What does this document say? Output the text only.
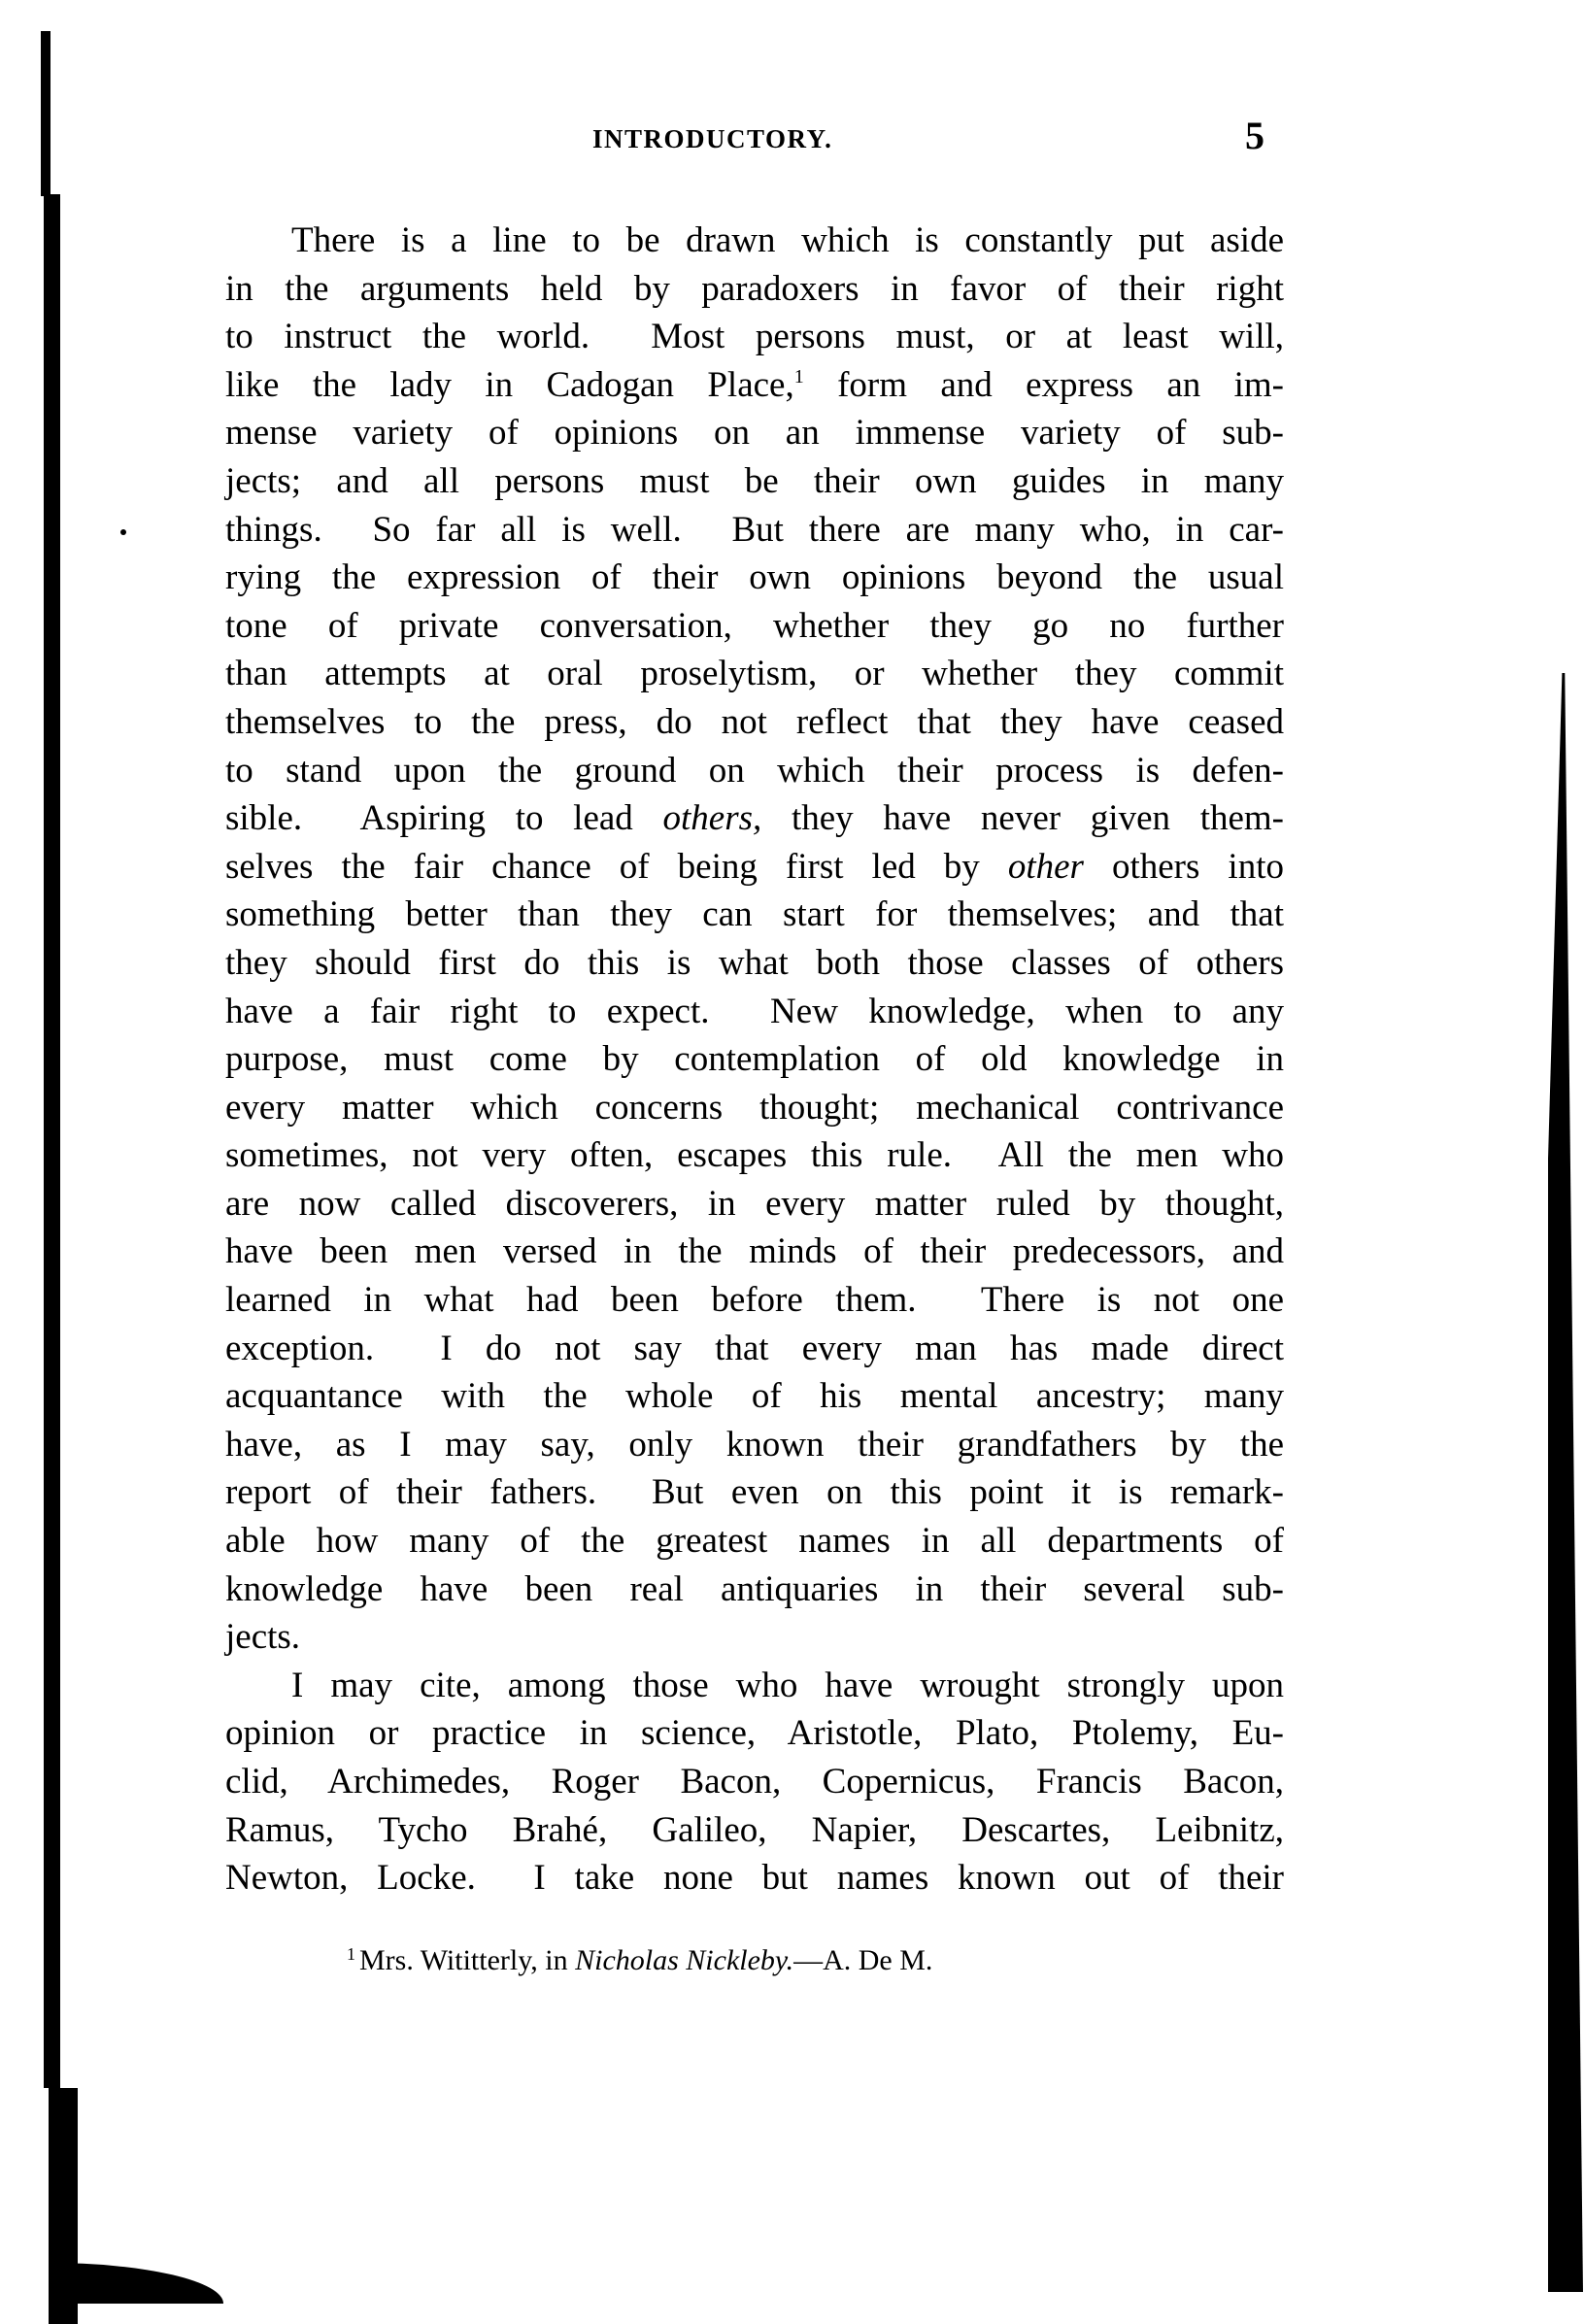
INTRODUCTORY.	5
There is a line to be drawn which is constantly put aside
in the arguments held by paradoxers in favor of their right
to instruct the world.  Most persons must, or at least will,
like the lady in Cadogan Place,$^1$ form and express an im-
mense variety of opinions on an immense variety of sub-
jects; and all persons must be their own guides in many
things.  So far all is well.  But there are many who, in car-
rying the expression of their own opinions beyond the usual
tone of private conversation, whether they go no further
than attempts at oral proselytism, or whether they commit
themselves to the press, do not reflect that they have ceased
to stand upon the ground on which their process is defen-
sible.  Aspiring to lead others, they have never given them-
selves the fair chance of being first led by other others into
something better than they can start for themselves; and that
they should first do this is what both those classes of others
have a fair right to expect.  New knowledge, when to any
purpose, must come by contemplation of old knowledge in
every matter which concerns thought; mechanical contrivance
sometimes, not very often, escapes this rule.  All the men who
are now called discoverers, in every matter ruled by thought,
have been men versed in the minds of their predecessors, and
learned in what had been before them.  There is not one
exception.  I do not say that every man has made direct
acquantance with the whole of his mental ancestry; many
have, as I may say, only known their grandfathers by the
report of their fathers.  But even on this point it is remark-
able how many of the greatest names in all departments of
knowledge have been real antiquaries in their several sub-
jects.
I may cite, among those who have wrought strongly upon
opinion or practice in science, Aristotle, Plato, Ptolemy, Eu-
clid, Archimedes, Roger Bacon, Copernicus, Francis Bacon,
Ramus, Tycho Brahé, Galileo, Napier, Descartes, Leibnitz,
Newton, Locke.  I take none but names known out of their
$^1$ Mrs. Wititterly, in Nicholas Nickleby.—A. De M.
